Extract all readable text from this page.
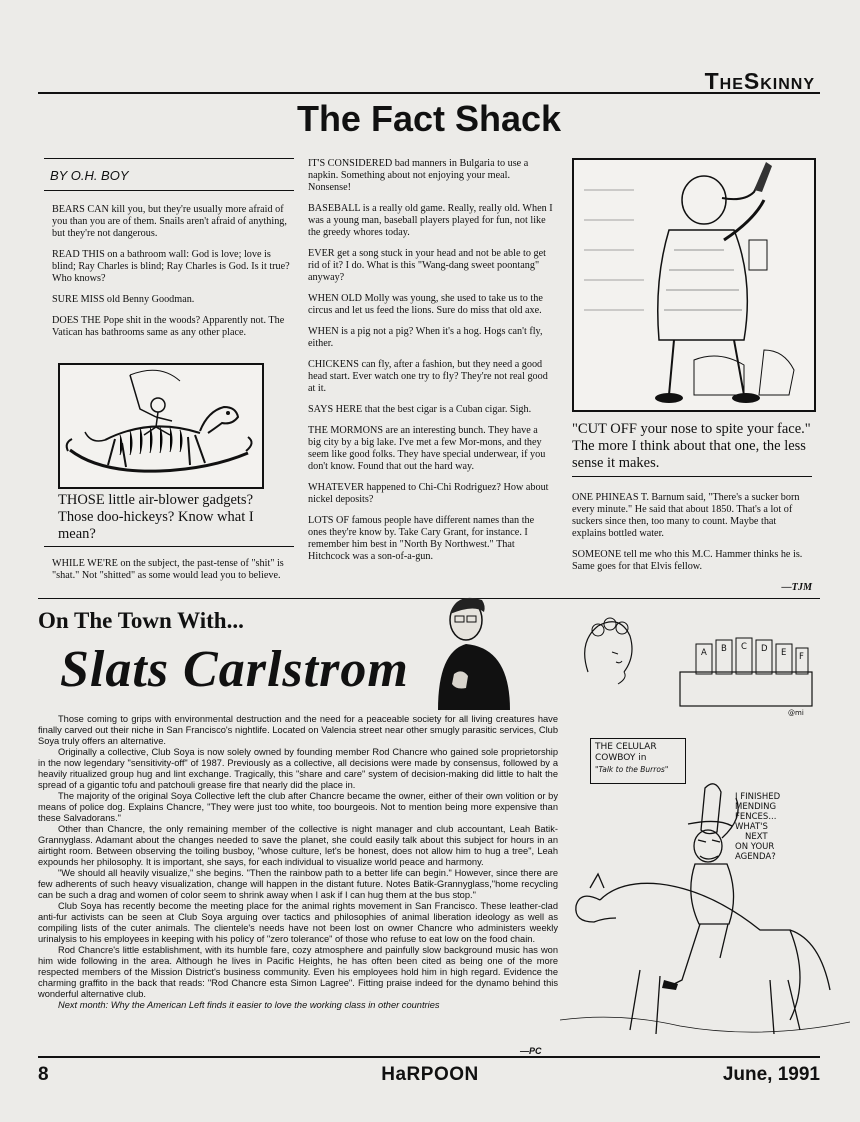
TheSkinny
The Fact Shack
BY O.H. BOY

BEARS CAN kill you, but they're usually more afraid of you than you are of them. Snails aren't afraid of anything, but they're not dangerous.

READ THIS on a bathroom wall: God is love; love is blind; Ray Charles is blind; Ray Charles is God. Is it true? Who knows?

SURE MISS old Benny Goodman.

DOES THE Pope shit in the woods? Apparently not. The Vatican has bathrooms same as any other place.

THOSE little air-blower gadgets? Those doo-hickeys? Know what I mean?
WHILE WE'RE on the subject, the past-tense of "shit" is "shat." Not "shitted" as some would lead you to believe.

IT'S CONSIDERED bad manners in Bulgaria to use a napkin. Something about not enjoying your meal. Nonsense!

BASEBALL is a really old game. Really, really old. When I was a young man, baseball players played for fun, not like the greedy whores today.

EVER get a song stuck in your head and not be able to get rid of it? I do. What is this "Wang-dang sweet poontang" anyway?

WHEN OLD Molly was young, she used to take us to the circus and let us feed the lions. Sure do miss that old axe.

WHEN is a pig not a pig? When it's a hog. Hogs can't fly, either.

CHICKENS can fly, after a fashion, but they need a good head start. Ever watch one try to fly? They're not real good at it.

SAYS HERE that the best cigar is a Cuban cigar. Sigh.

THE MORMONS are an interesting bunch. They have a big city by a big lake. I've met a few Mor-mons, and they seem like good folks. They have special underwear, if you don't know. Found that out the hard way.

WHATEVER happened to Chi-Chi Rodriguez? How about nickel deposits?

LOTS OF famous people have different names than the ones they're know by. Take Cary Grant, for instance. I remember him best in "North By Northwest." That Hitchcock was a son-of-a-gun.

"CUT OFF your nose to spite your face." The more I think about that one, the less sense it makes.

ONE PHINEAS T. Barnum said, "There's a sucker born every minute." He said that about 1850. That's a lot of suckers since then, too many to count. Maybe that explains bottled water.

SOMEONE tell me who this M.C. Hammer thinks he is. Same goes for that Elvis fellow.

—TJM
On The Town With...
Slats Carlstrom

Those coming to grips with environmental destruction and the need for a peaceable society for all living creatures have finally carved out their niche in San Francisco's nightlife. Located on Valencia street near other smugly parasitic services, Club Soya truly offers an alternative.

Originally a collective, Club Soya is now solely owned by founding member Rod Chancre who gained sole proprietorship in the now legendary "sensitivity-off" of 1987. Previously as a collective, all decisions were made by consensus, followed by a heavily ritualized group hug and lint exchange. Tragically, this "share and care" system of decision-making did little to halt the spread of a gigantic tofu and patchouli grease fire that nearly did the place in.

The majority of the original Soya Collective left the club after Chancre became the owner, either of their own volition or by means of police dog. Explains Chancre, "They were just too white, too bourgeois. Not to mention being more expensive than these Salvadorans."

Other than Chancre, the only remaining member of the collective is night manager and club accountant, Leah Batik-Grannyglass. Adamant about the changes needed to save the planet, she could easily talk about this subject for hours in an airtight room. Between observing the toiling busboy, "whose culture, let's be honest, does not allow him to hug a tree", Leah expounds her philosophy. It is important, she says, for each individual to visualize world peace and harmony.

"We should all heavily visualize," she begins. "Then the rainbow path to a better life can begin." However, since there are few adherents of such heavy visualization, change will happen in the distant future. Notes Batik-Grannyglass,"home recycling can be such a drag and women of color seem to shrink away when I ask if I can hug them at the bus stop."

Club Soya has recently become the meeting place for the animal rights movement in San Francisco. These leather-clad anti-fur activists can be seen at Club Soya arguing over tactics and philosophies of animal liberation ideology as well as compiling lists of the cuter animals. The clientele's needs have not been lost on owner Chancre who administers weekly urinalysis to his employees in keeping with his policy of "zero tolerance" of those who refuse to eat low on the food chain.

Rod Chancre's little establishment, with its humble fare, cozy atmosphere and painfully slow background music has won him wide following in the area. Although he lives in Pacific Heights, he has often been cited as being one of the more respected members of the Mission District's business community. Even his employees hold him in high regard. Evidence the charming graffito in the back that reads: "Rod Chancre esta Simon Lagree". Fitting praise indeed for the dynamo behind this wonderful alternative club.

Next month: Why the American Left finds it easier to love the working class in other countries

—PC
A B C D E F
@mi
THE CELULAR
COWBOY in
"Talk to the Burros"
I FINISHED
MENDING
FENCES...
WHAT'S
NEXT
ON YOUR
AGENDA?
8	HaRPOON	June, 1991
